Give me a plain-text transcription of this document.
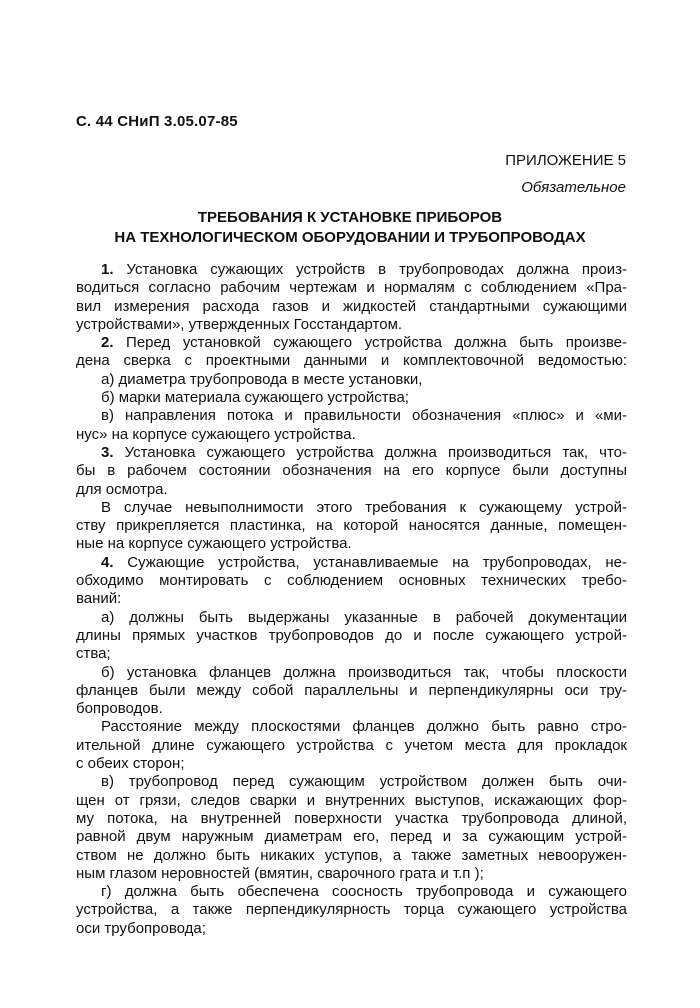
С. 44 СНиП 3.05.07-85
ПРИЛОЖЕНИЕ 5
Обязательное
ТРЕБОВАНИЯ К УСТАНОВКЕ ПРИБОРОВ
НА ТЕХНОЛОГИЧЕСКОМ ОБОРУДОВАНИИ И ТРУБОПРОВОДАХ
1. Установка сужающих устройств в трубопроводах должна произ-
водиться согласно рабочим чертежам и нормалям с соблюдением «Пра-
вил измерения расхода газов и жидкостей стандартными сужающими
устройствами», утвержденных Госстандартом.
2. Перед установкой сужающего устройства должна быть произве-
дена сверка с проектными данными и комплектовочной ведомостью:
а) диаметра трубопровода в месте установки,
б) марки материала сужающего устройства;
в) направления потока и правильности обозначения «плюс» и «ми-
нус» на корпусе сужающего устройства.
3. Установка сужающего устройства должна производиться так, что-
бы в рабочем состоянии обозначения на его корпусе были доступны
для осмотра.
В случае невыполнимости этого требования к сужающему устрой-
ству прикрепляется пластинка, на которой наносятся данные, помещен-
ные на корпусе сужающего устройства.
4. Сужающие устройства, устанавливаемые на трубопроводах, не-
обходимо монтировать с соблюдением основных технических требо-
ваний:
а) должны быть выдержаны указанные в рабочей документации
длины прямых участков трубопроводов до и после сужающего устрой-
ства;
б) установка фланцев должна производиться так, чтобы плоскости
фланцев были между собой параллельны и перпендикулярны оси тру-
бопроводов.
Расстояние между плоскостями фланцев должно быть равно стро-
ительной длине сужающего устройства с учетом места для прокладок
с обеих сторон;
в) трубопровод перед сужающим устройством должен быть очи-
щен от грязи, следов сварки и внутренних выступов, искажающих фор-
му потока, на внутренней поверхности участка трубопровода длиной,
равной двум наружным диаметрам его, перед и за сужающим устрой-
ством не должно быть никаких уступов, а также заметных невооружен-
ным глазом неровностей (вмятин, сварочного грата и т.п );
г) должна быть обеспечена соосность трубопровода и сужающего
устройства, а также перпендикулярность торца сужающего устройства
оси трубопровода;
